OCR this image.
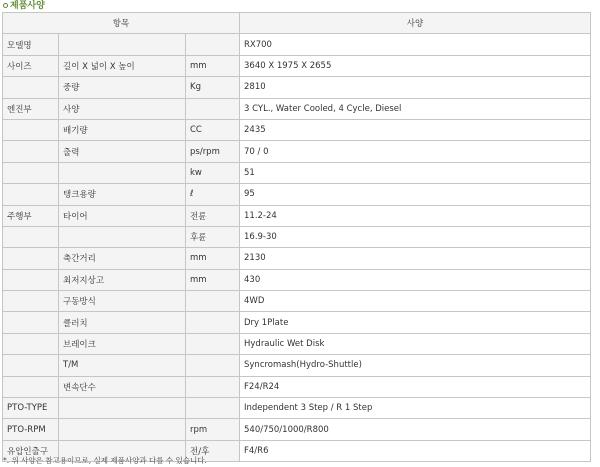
제품사양
항목			사양
모델명			RX700
사이즈	길이 X 넓이 X 높이	mm	3640 X 1975 X 2655
	중량	Kg	2810
엔진부	사양		3 CYL., Water Cooled, 4 Cycle, Diesel
	배기량	CC	2435
	출력	ps/rpm	70 / 0
		kw	51
	탱크용량	ℓ	95
주행부	타이어	전륜	11.2-24
		후륜	16.9-30
	축간거리	mm	2130
	최저지상고	mm	430
	구동방식		4WD
	클러치		Dry 1Plate
	브레이크		Hydraulic Wet Disk
	T/M		Syncromash(Hydro-Shuttle)
	변속단수		F24/R24
PTO-TYPE			Independent 3 Step / R 1 Step
PTO-RPM		rpm	540/750/1000/R800
유압인출구		전/후	F4/R6
*. 위 사양은 참고용이므로, 실제 제품사양과 다를 수 있습니다.
